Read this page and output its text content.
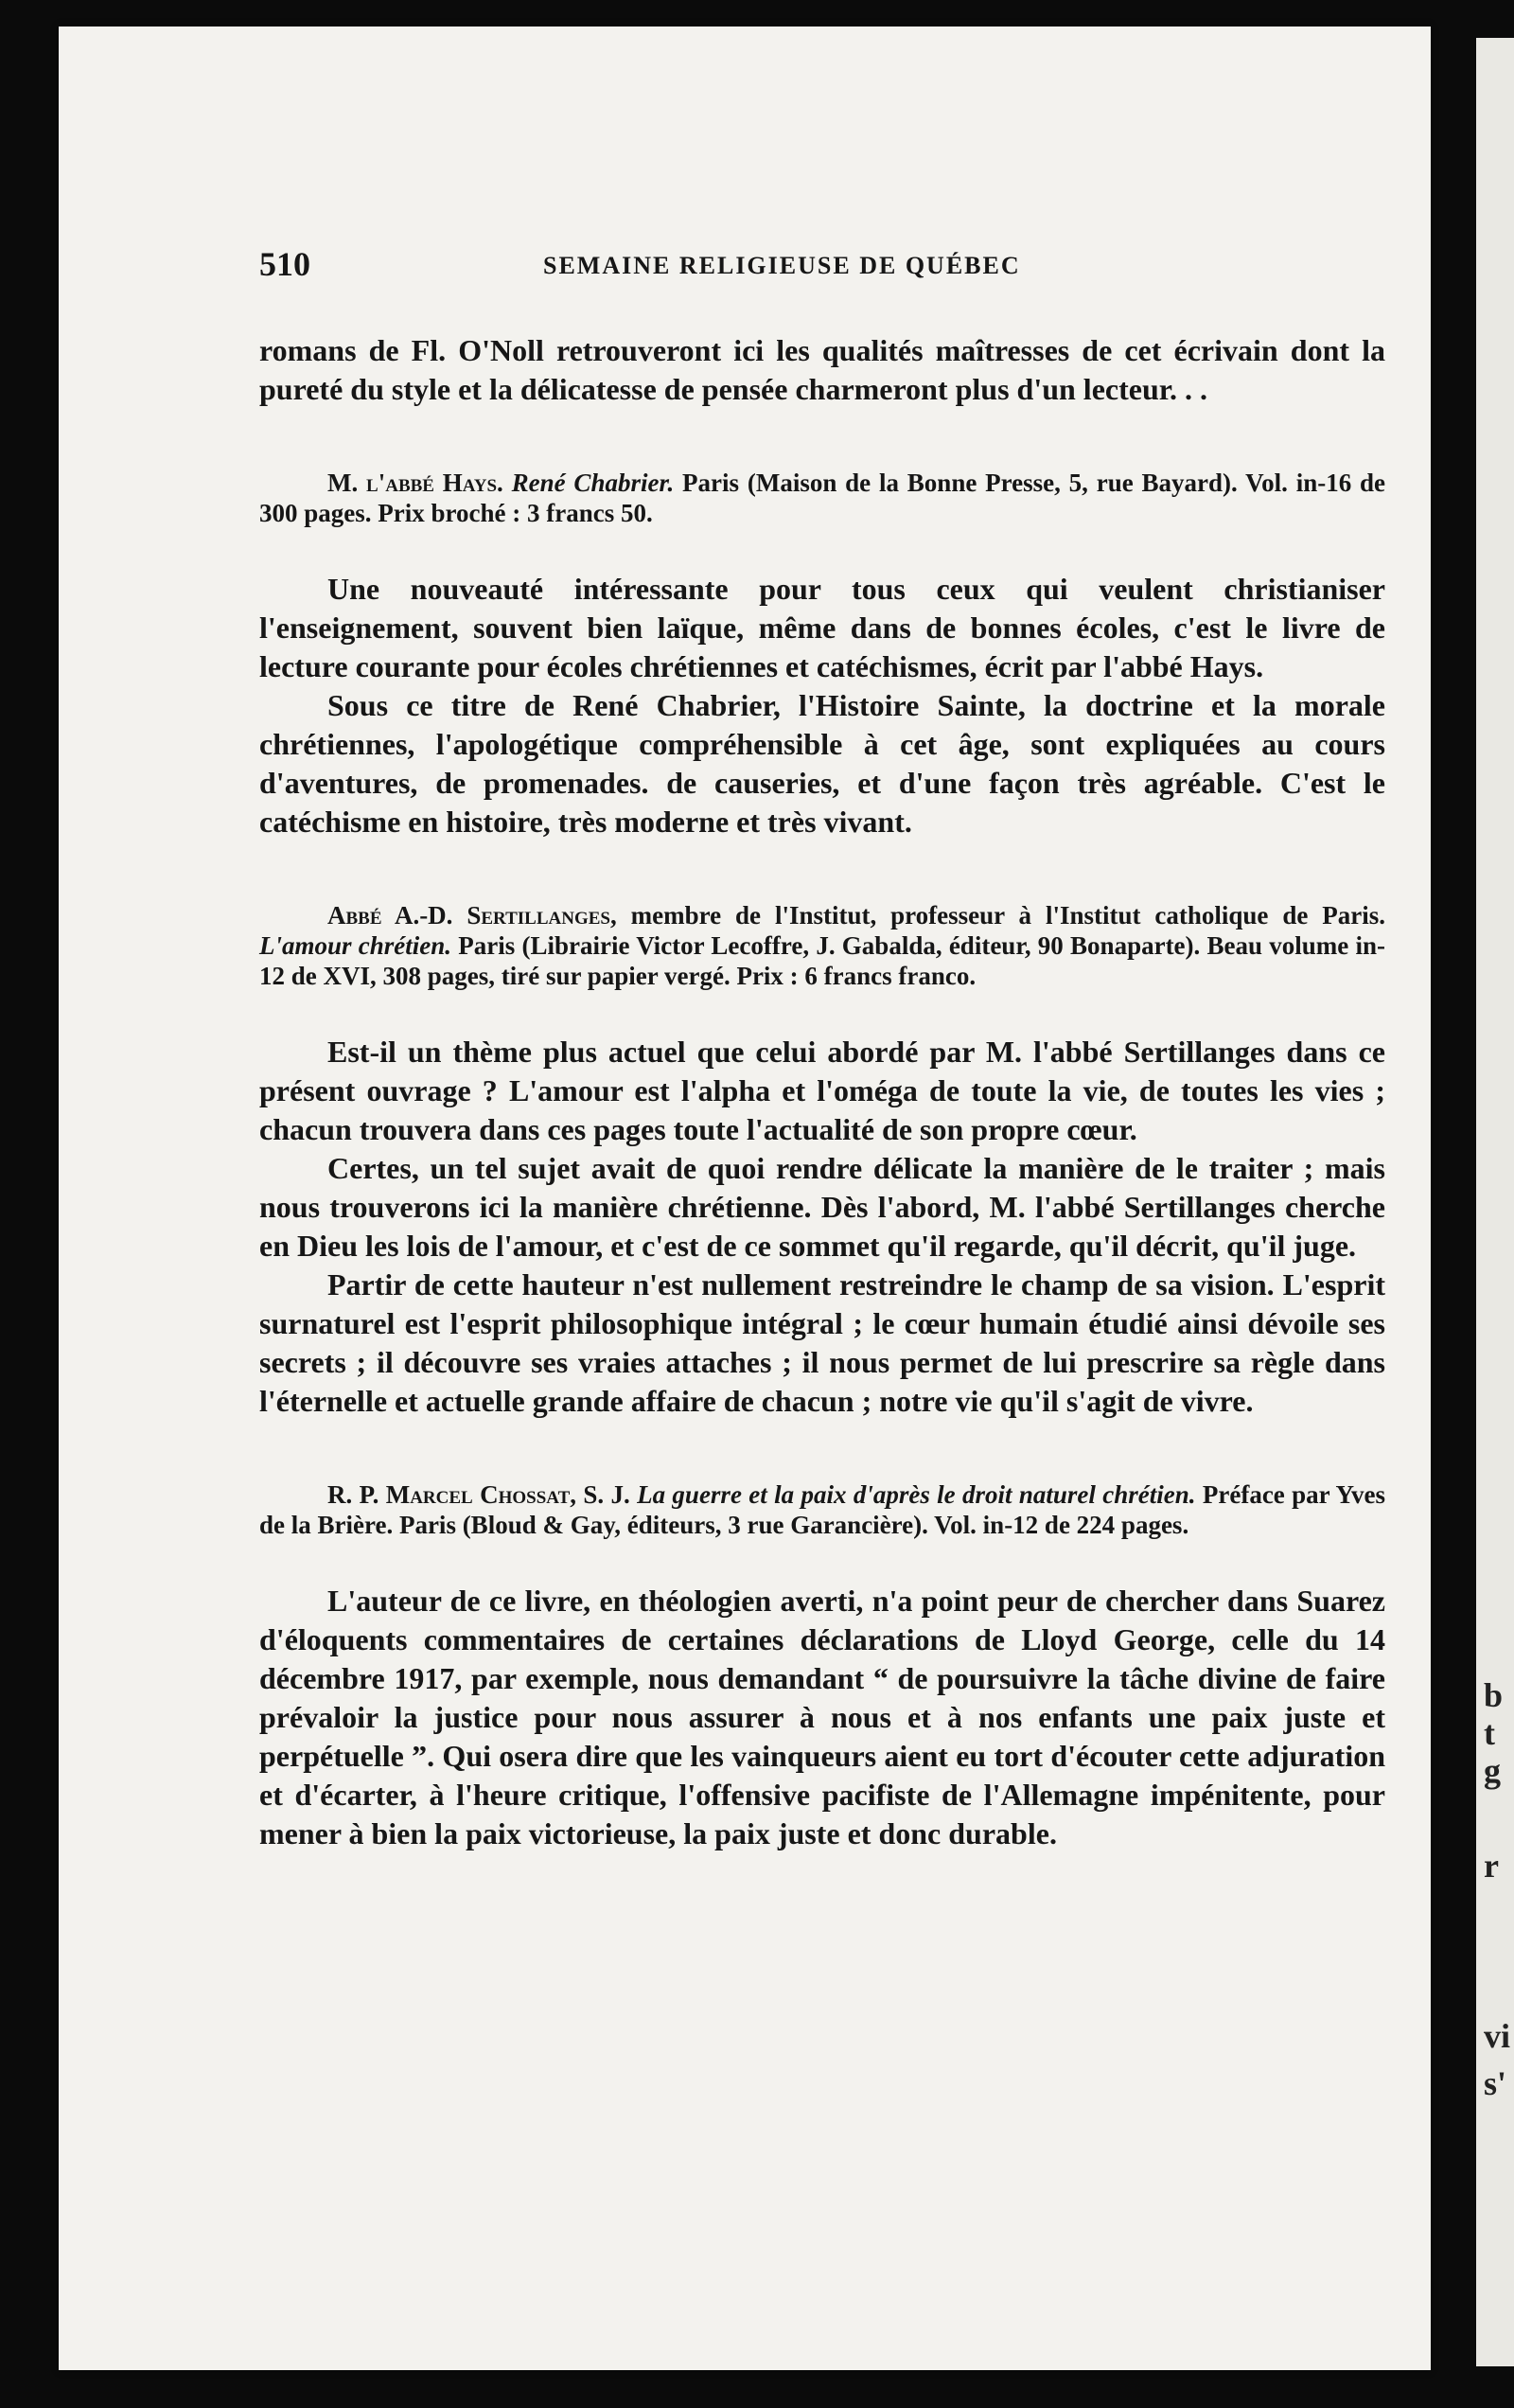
510	SEMAINE RELIGIEUSE DE QUÉBEC

romans de Fl. O'Noll retrouveront ici les qualités maîtresses de cet écrivain dont la pureté du style et la délicatesse de pensée charmeront plus d'un lecteur. . .

M. l'abbé Hays. René Chabrier. Paris (Maison de la Bonne Presse, 5, rue Bayard). Vol. in-16 de 300 pages. Prix broché : 3 francs 50.

Une nouveauté intéressante pour tous ceux qui veulent christianiser l'enseignement, souvent bien laïque, même dans de bonnes écoles, c'est le livre de lecture courante pour écoles chrétiennes et catéchismes, écrit par l'abbé Hays.

Sous ce titre de René Chabrier, l'Histoire Sainte, la doctrine et la morale chrétiennes, l'apologétique compréhensible à cet âge, sont expliquées au cours d'aventures, de promenades. de causeries, et d'une façon très agréable. C'est le catéchisme en histoire, très moderne et très vivant.

Abbé A.-D. Sertillanges, membre de l'Institut, professeur à l'Institut catholique de Paris. L'amour chrétien. Paris (Librairie Victor Lecoffre, J. Gabalda, éditeur, 90 Bonaparte). Beau volume in-12 de XVI, 308 pages, tiré sur papier vergé. Prix : 6 francs franco.

Est-il un thème plus actuel que celui abordé par M. l'abbé Sertillanges dans ce présent ouvrage ? L'amour est l'alpha et l'oméga de toute la vie, de toutes les vies ; chacun trouvera dans ces pages toute l'actualité de son propre cœur.

Certes, un tel sujet avait de quoi rendre délicate la manière de le traiter ; mais nous trouverons ici la manière chrétienne. Dès l'abord, M. l'abbé Sertillanges cherche en Dieu les lois de l'amour, et c'est de ce sommet qu'il regarde, qu'il décrit, qu'il juge.

Partir de cette hauteur n'est nullement restreindre le champ de sa vision. L'esprit surnaturel est l'esprit philosophique intégral ; le cœur humain étudié ainsi dévoile ses secrets ; il découvre ses vraies attaches ; il nous permet de lui prescrire sa règle dans l'éternelle et actuelle grande affaire de chacun ; notre vie qu'il s'agit de vivre.

R. P. Marcel Chossat, S. J. La guerre et la paix d'après le droit naturel chrétien. Préface par Yves de la Brière. Paris (Bloud & Gay, éditeurs, 3 rue Garancière). Vol. in-12 de 224 pages.

L'auteur de ce livre, en théologien averti, n'a point peur de chercher dans Suarez d'éloquents commentaires de certaines déclarations de Lloyd George, celle du 14 décembre 1917, par exemple, nous demandant “ de poursuivre la tâche divine de faire prévaloir la justice pour nous assurer à nous et à nos enfants une paix juste et perpétuelle ”. Qui osera dire que les vainqueurs aient eu tort d'écouter cette adjuration et d'écarter, à l'heure critique, l'offensive pacifiste de l'Allemagne impénitente, pour mener à bien la paix victorieuse, la paix juste et donc durable.

b
t
g
r
vi
s'
